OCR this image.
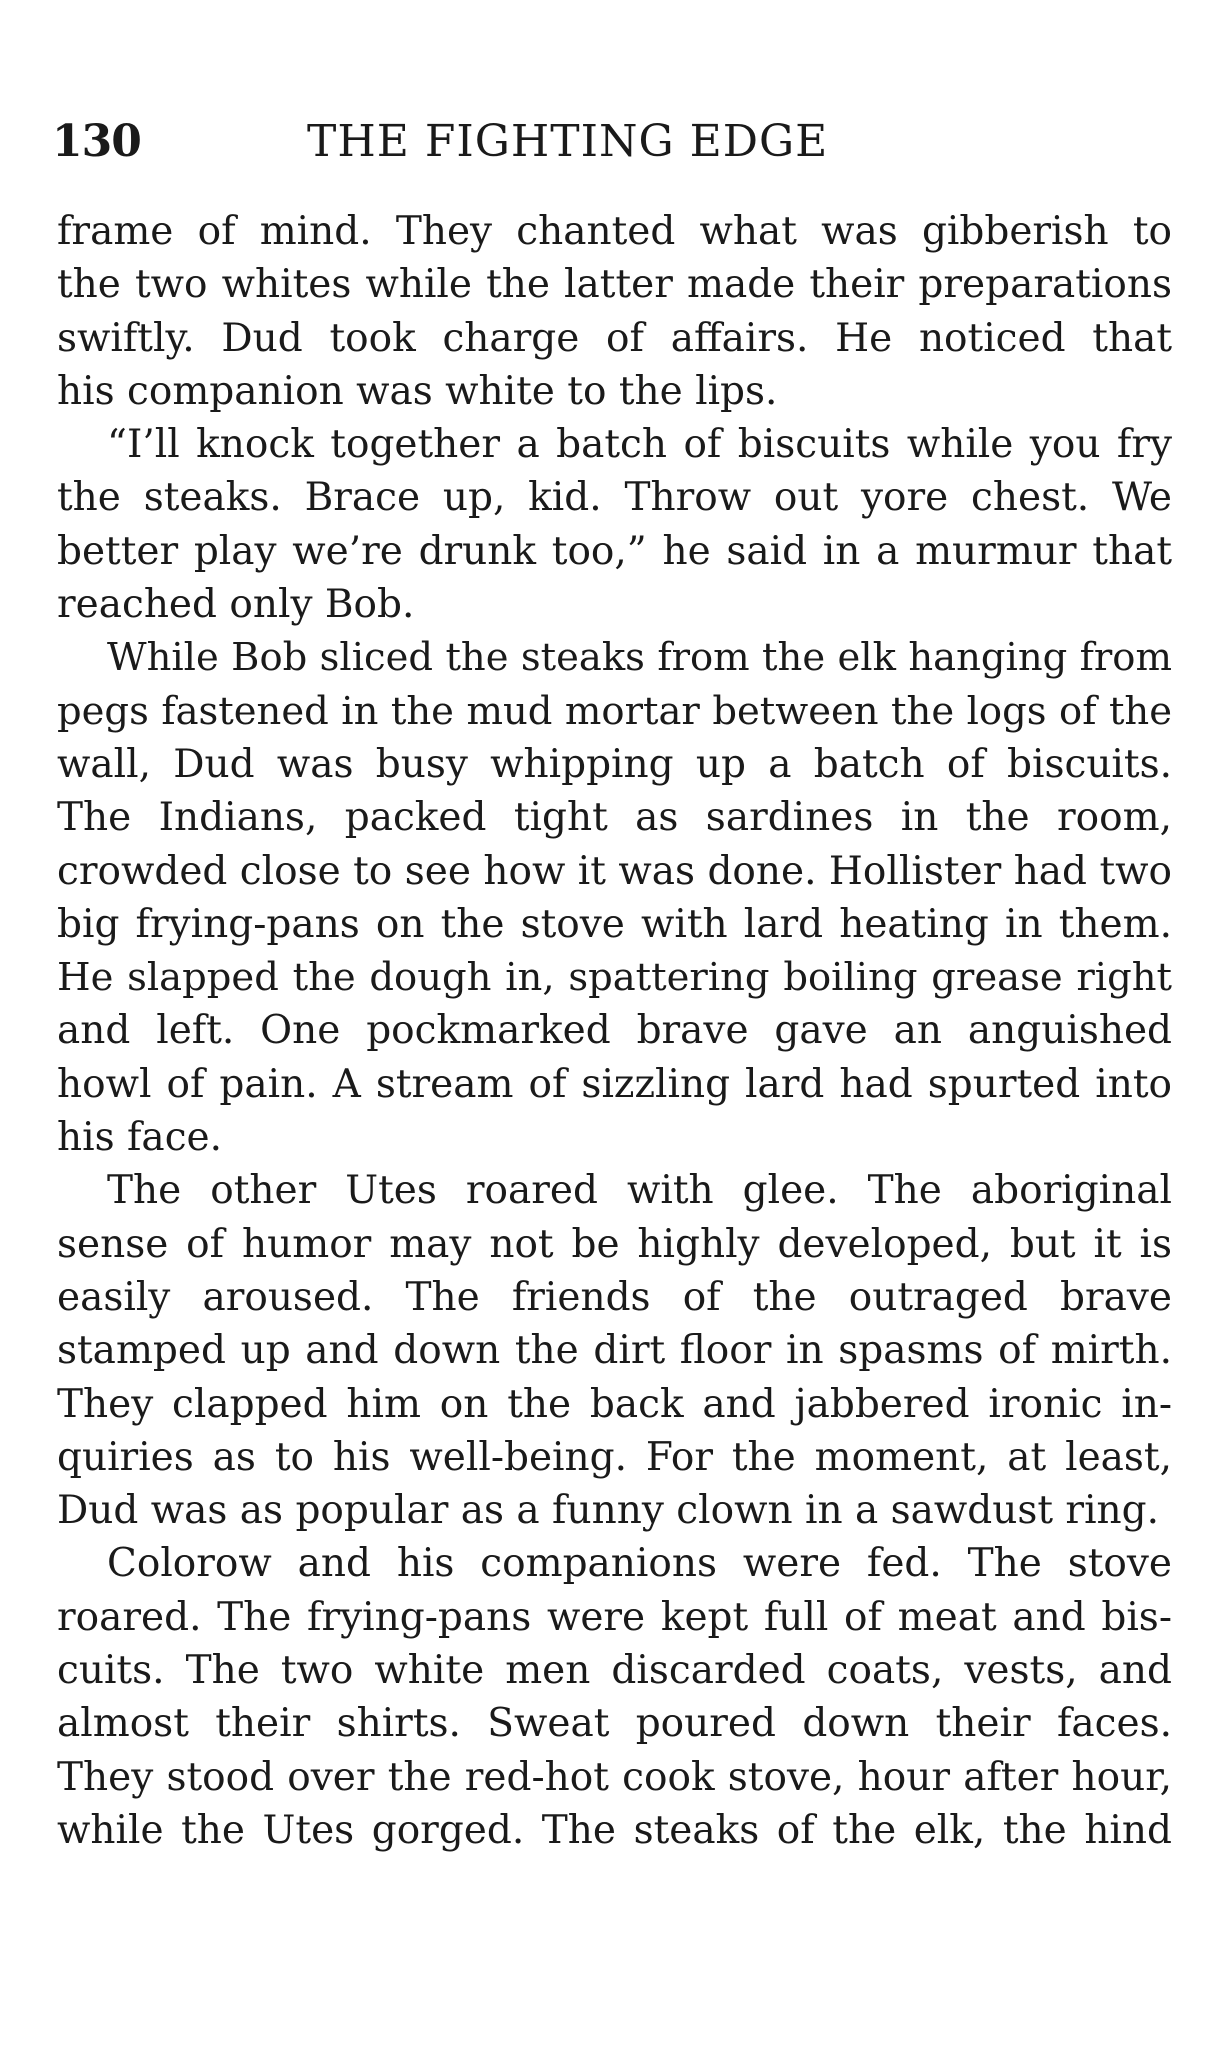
130	THE FIGHTING EDGE
frame of mind. They chanted what was gibberish to
the two whites while the latter made their preparations
swiftly. Dud took charge of affairs. He noticed that
his companion was white to the lips.
“I’ll knock together a batch of biscuits while you fry
the steaks. Brace up, kid. Throw out yore chest. We
better play we’re drunk too,” he said in a murmur that
reached only Bob.
While Bob sliced the steaks from the elk hanging from
pegs fastened in the mud mortar between the logs of the
wall, Dud was busy whipping up a batch of biscuits.
The Indians, packed tight as sardines in the room,
crowded close to see how it was done. Hollister had two
big frying-pans on the stove with lard heating in them.
He slapped the dough in, spattering boiling grease right
and left. One pockmarked brave gave an anguished
howl of pain. A stream of sizzling lard had spurted into
his face.
The other Utes roared with glee. The aboriginal
sense of humor may not be highly developed, but it is
easily aroused. The friends of the outraged brave
stamped up and down the dirt floor in spasms of mirth.
They clapped him on the back and jabbered ironic in-
quiries as to his well-being. For the moment, at least,
Dud was as popular as a funny clown in a sawdust ring.
Colorow and his companions were fed. The stove
roared. The frying-pans were kept full of meat and bis-
cuits. The two white men discarded coats, vests, and
almost their shirts. Sweat poured down their faces.
They stood over the red-hot cook stove, hour after hour,
while the Utes gorged. The steaks of the elk, the hind
